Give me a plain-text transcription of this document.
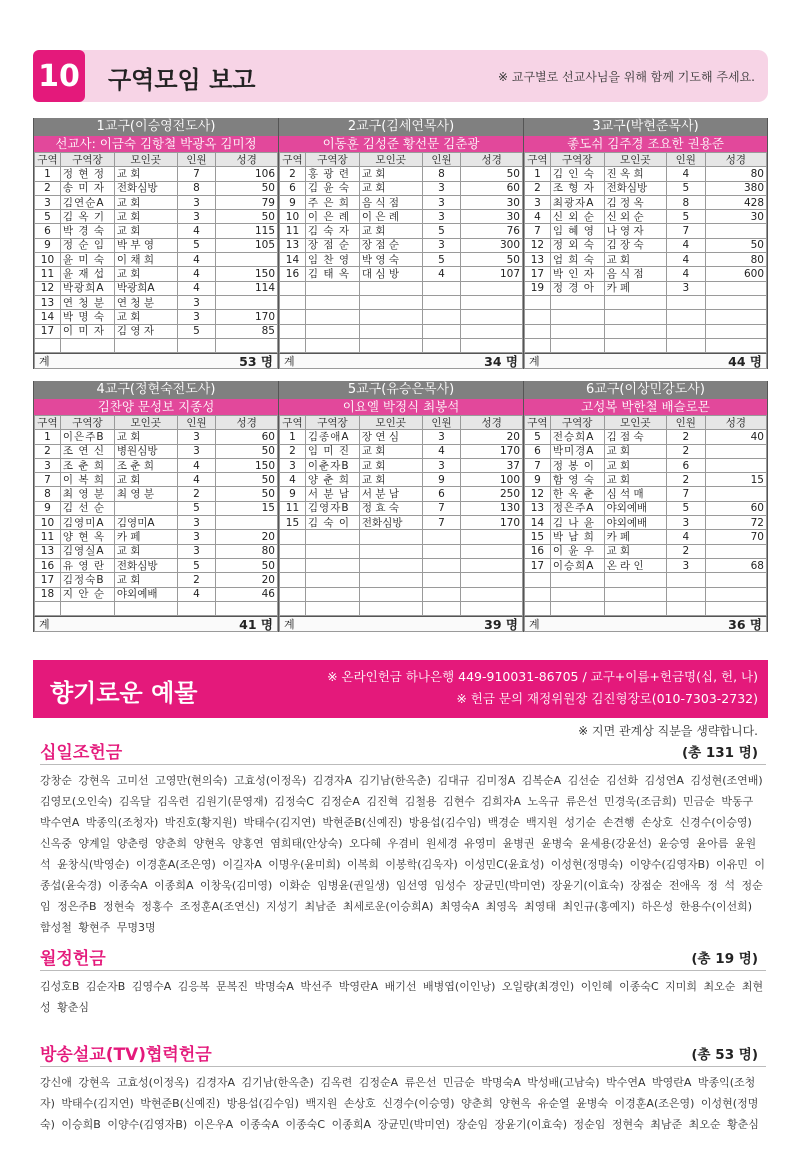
10 구역모임 보고	※ 교구별로 선교사님을 위해 함께 기도해 주세요.
1교구(이승영전도사)
선교사: 이금숙 김항철 박광옥 김미정
구역	구역장	모인곳	인원	성경
1	정 현 정	교 회	7	106
2	송 미 자	전화심방	8	50
3	김연순A	교 회	3	79
5	김 옥 기	교 회	3	50
6	박 경 숙	교 회	4	115
9	정 순 임	박 부 영	5	105
10	윤 미 숙	이 채 희	4	
11	윤 재 섭	교 회	4	150
12	박광희A	박광희A	4	114
13	연 청 분	연 청 분	3	
14	박 명 숙	교 회	3	170
17	이 미 자	김 영 자	5	85

계	53 명
2교구(김세연목사)
이동훈 김성준 황선문 김춘광
구역	구역장	모인곳	인원	성경
2	홍 광 련	교 회	8	50
6	김 윤 숙	교 회	3	60
9	주 은 희	음 식 점	3	30
10	이 은 례	이 은 례	3	30
11	김 숙 자	교 회	5	76
13	장 점 순	장 점 순	3	300
14	임 찬 영	박 영 숙	5	50
16	김 태 옥	대 심 방	4	107

계	34 명
3교구(박현준목사)
좋도쉬 김주경 조요한 권용준
구역	구역장	모인곳	인원	성경
1	김 인 숙	진 옥 희	4	80
2	조 형 자	전화심방	5	380
3	최광자A	김 정 옥	8	428
4	신 외 순	신 외 순	5	30
7	임 혜 영	나 영 자	7	
12	정 외 숙	김 장 숙	4	50
13	엄 희 숙	교 회	4	80
17	박 인 자	음 식 점	4	600
19	정 경 아	카 페	3	

계	44 명
4교구(정현숙전도사)
김찬양 문성보 지종성
구역	구역장	모인곳	인원	성경
1	이은주B	교 회	3	60
2	조 연 신	병원심방	3	50
3	조 춘 희	조 춘 희	4	150
7	이 복 희	교 회	4	50
8	최 영 분	최 영 분	2	50
9	김 선 순		5	15
10	김영미A	김영미A	3	
11	양 현 옥	카 페	3	20
13	김영실A	교 회	3	80
16	유 영 란	전화심방	5	50
17	김정숙B	교 회	2	20
18	지 안 순	야외예배	4	46

계	41 명
5교구(유승은목사)
이요엘 박정식 최봉석
구역	구역장	모인곳	인원	성경
1	김종애A	장 연 심	3	20
2	임 미 진	교 회	4	170
3	이춘자B	교 회	3	37
4	양 춘 희	교 회	9	100
9	서 분 남	서 분 남	6	250
11	김영자B	정 효 숙	7	130
15	김 숙 이	전화심방	7	170

계	39 명
6교구(이상민강도사)
고성복 박한철 배슬로몬
구역	구역장	모인곳	인원	성경
5	전승희A	김 점 숙	2	40
6	박미경A	교 회	2	
7	정 봉 이	교 회	6	
9	함 영 숙	교 회	2	15
12	한 옥 춘	심 석 매	7	
13	정은주A	야외예배	5	60
14	김 나 윤	야외예배	3	72
15	박 남 희	카 페	4	70
16	이 윤 우	교 회	2	
17	이승희A	온 라 인	3	68

계	36 명
향기로운 예물
※ 온라인헌금 하나은행 449-910031-86705 / 교구+이름+헌금명(십, 헌, 나)
※ 헌금 문의 재정위원장 김진형장로(010-7303-2732)
※ 지면 관계상 직분을 생략합니다.
십일조헌금	(총 131 명)
강창순 강현옥 고미선 고영만(현의숙) 고효성(이정옥) 김경자A 김기남(한옥춘) 김대규 김미정A 김복순A 김선순 김선화 김성연A 김성현(조연배) 김영모(오인숙) 김옥달 김옥련 김원기(문영재) 김정숙C 김정순A 김진혁 김철용 김현수 김희자A 노옥규 류은선 민경욱(조금희) 민금순 박동구 박수연A 박종익(조청자) 박진호(황지원) 박태수(김지연) 박현준B(신예진) 방용섭(김수임) 백경순 백지원 성기순 손견행 손상호 신경수(이승영) 신옥중 양계일 양춘령 양춘희 양현옥 양홍연 염희태(안상숙) 오다혜 우겸비 원세경 유영미 윤병권 윤병숙 윤세용(강윤선) 윤승영 윤아름 윤원석 윤창식(박영순) 이경훈A(조은영) 이길자A 이명우(윤미희) 이복희 이봉학(김욱자) 이성민C(윤효성) 이성현(정명숙) 이양수(김영자B) 이유민 이종섭(윤숙경) 이종숙A 이종희A 이창욱(김미영) 이화순 임병윤(권일생) 임선영 임성수 장균민(박미연) 장윤기(이효숙) 장점순 전애옥 정 석 정순임 정은주B 정현숙 정홍수 조정훈A(조연신) 지성기 최남준 최세로운(이승희A) 최영숙A 최영옥 최영태 최인규(홍예지) 하은성 한용수(이선희) 함성철 황현주 무명3명
월정헌금	(총 19 명)
김성호B 김순자B 김영수A 김응복 문복진 박명숙A 박선주 박영란A 배기선 배병엽(이인낭) 오일량(최경인) 이인혜 이종숙C 지미희 최오순 최현성 황춘심
방송설교(TV)협력헌금	(총 53 명)
강신애 강현옥 고효성(이정옥) 김경자A 김기남(한옥춘) 김옥련 김정순A 류은선 민금순 박명숙A 박성배(고남숙) 박수연A 박영란A 박종익(조청자) 박태수(김지연) 박현준B(신예진) 방용섭(김수임) 백지원 손상호 신경수(이승영) 양춘희 양현옥 유순열 윤병숙 이경훈A(조은영) 이성현(정명숙) 이승희B 이양수(김영자B) 이은우A 이종숙A 이종숙C 이종희A 장균민(박미연) 장순임 장윤기(이효숙) 정순임 정현숙 최남준 최오순 황춘심
